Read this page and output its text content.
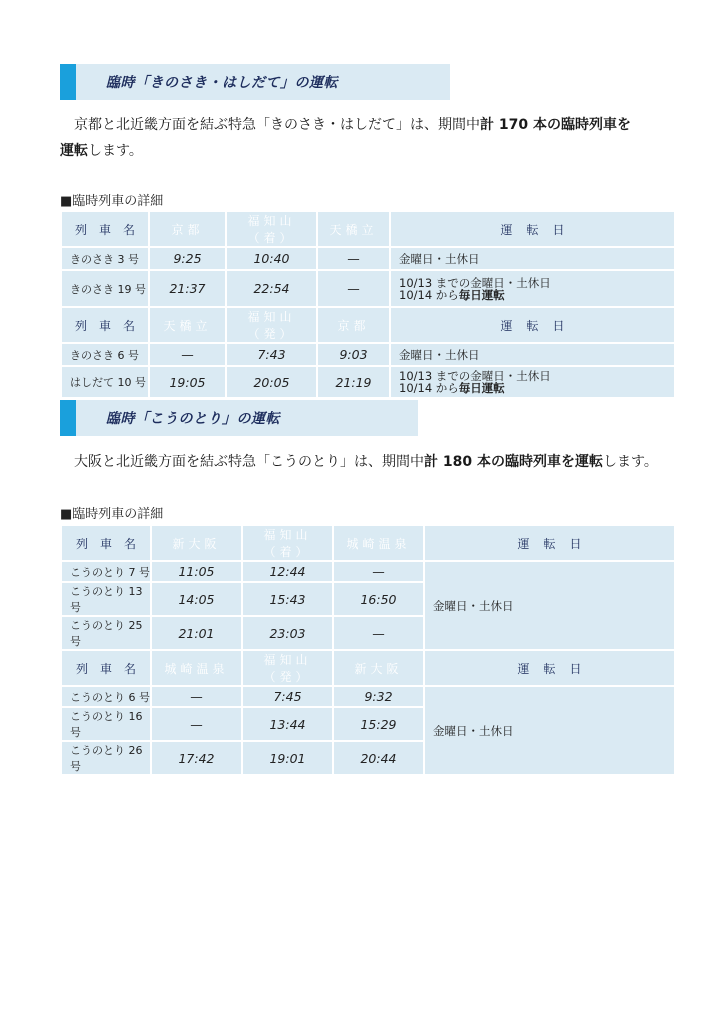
臨時「きのさき・はしだて」の運転
　京都と北近畿方面を結ぶ特急「きのさき・はしだて」は、期間中計 170 本の臨時列車を
運転します。
■臨時列車の詳細
列車名	京都	福知山（着）	天橋立	運転日
きのさき 3 号	9:25	10:40	—	金曜日・土休日
きのさき 19 号	21:37	22:54	—	10/13 までの金曜日・土休日
10/14 から毎日運転

列車名	天橋立	福知山（発）	京都	運転日
きのさき 6 号	—	7:43	9:03	金曜日・土休日
はしだて 10 号	19:05	20:05	21:19	10/13 までの金曜日・土休日
10/14 から毎日運転
臨時「こうのとり」の運転
　大阪と北近畿方面を結ぶ特急「こうのとり」は、期間中計 180 本の臨時列車を運転します。
■臨時列車の詳細
列車名	新大阪	福知山（着）	城崎温泉	運転日
こうのとり 7 号	11:05	12:44	—	金曜日・土休日
こうのとり 13 号	14:05	15:43	16:50	
こうのとり 25 号	21:01	23:03	—	
列車名	城崎温泉	福知山（発）	新大阪	運転日
こうのとり 6 号	—	7:45	9:32	金曜日・土休日
こうのとり 16 号	—	13:44	15:29	
こうのとり 26 号	17:42	19:01	20:44	
